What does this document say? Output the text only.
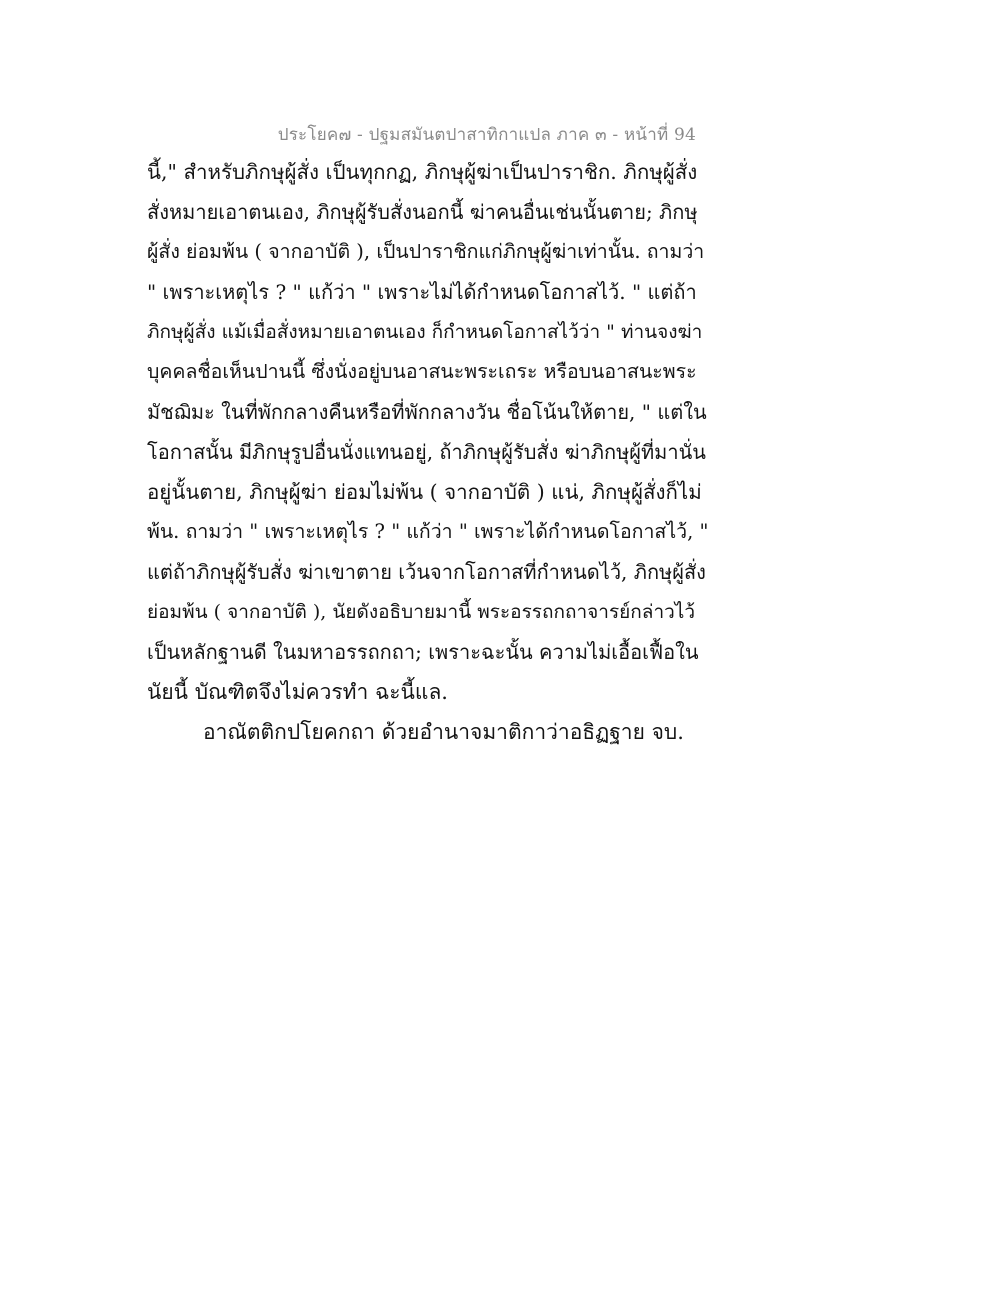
ประโยค๗ - ปฐมสมันตปาสาทิกาแปล ภาค ๓ - หน้าที่ 94
นี้," สำหรับภิกษุผู้สั่ง เป็นทุกกฏ, ภิกษุผู้ฆ่าเป็นปาราชิก. ภิกษุผู้สั่ง
สั่งหมายเอาตนเอง, ภิกษุผู้รับสั่งนอกนี้ ฆ่าคนอื่นเช่นนั้นตาย; ภิกษุ
ผู้สั่ง ย่อมพ้น ( จากอาบัติ ), เป็นปาราชิกแก่ภิกษุผู้ฆ่าเท่านั้น. ถามว่า
" เพราะเหตุไร ? " แก้ว่า " เพราะไม่ได้กำหนดโอกาสไว้. " แต่ถ้า
ภิกษุผู้สั่ง แม้เมื่อสั่งหมายเอาตนเอง ก็กำหนดโอกาสไว้ว่า " ท่านจงฆ่า
บุคคลชื่อเห็นปานนี้ ซึ่งนั่งอยู่บนอาสนะพระเถระ หรือบนอาสนะพระ
มัชฌิมะ ในที่พักกลางคืนหรือที่พักกลางวัน ชื่อโน้นให้ตาย, " แต่ใน
โอกาสนั้น มีภิกษุรูปอื่นนั่งแทนอยู่, ถ้าภิกษุผู้รับสั่ง ฆ่าภิกษุผู้ที่มานั่น
อยู่นั้นตาย, ภิกษุผู้ฆ่า ย่อมไม่พ้น ( จากอาบัติ ) แน่, ภิกษุผู้สั่งก็ไม่
พ้น. ถามว่า " เพราะเหตุไร ? " แก้ว่า " เพราะได้กำหนดโอกาสไว้, "
แต่ถ้าภิกษุผู้รับสั่ง ฆ่าเขาตาย เว้นจากโอกาสที่กำหนดไว้, ภิกษุผู้สั่ง
ย่อมพ้น ( จากอาบัติ ), นัยดังอธิบายมานี้ พระอรรถกถาจารย์กล่าวไว้
เป็นหลักฐานดี ในมหาอรรถกถา; เพราะฉะนั้น ความไม่เอื้อเฟื้อใน
นัยนี้ บัณฑิตจึงไม่ควรทำ ฉะนี้แล.
อาณัตติกปโยคกถา ด้วยอำนาจมาติกาว่าอธิฏฐาย จบ.
